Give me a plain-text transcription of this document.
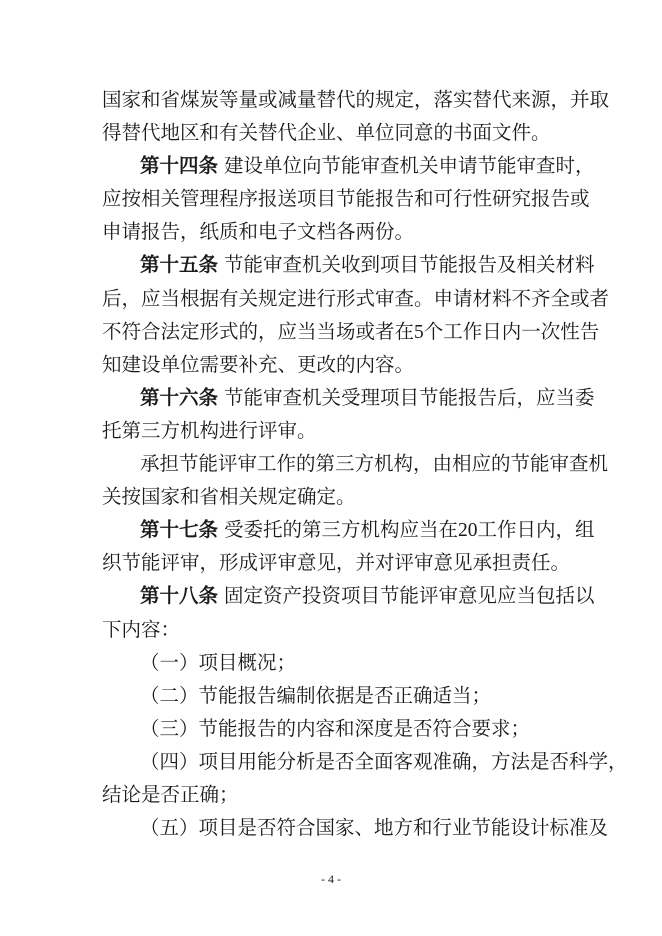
国家和省煤炭等量或减量替代的规定，落实替代来源，并取
得替代地区和有关替代企业、单位同意的书面文件。
第十四条 建设单位向节能审查机关申请节能审查时，
应按相关管理程序报送项目节能报告和可行性研究报告或
申请报告，纸质和电子文档各两份。
第十五条 节能审查机关收到项目节能报告及相关材料
后，应当根据有关规定进行形式审查。申请材料不齐全或者
不符合法定形式的，应当当场或者在5个工作日内一次性告
知建设单位需要补充、更改的内容。
第十六条 节能审查机关受理项目节能报告后，应当委
托第三方机构进行评审。
承担节能评审工作的第三方机构，由相应的节能审查机
关按国家和省相关规定确定。
第十七条 受委托的第三方机构应当在20工作日内，组
织节能评审，形成评审意见，并对评审意见承担责任。
第十八条 固定资产投资项目节能评审意见应当包括以
下内容：
（一）项目概况；
（二）节能报告编制依据是否正确适当；
（三）节能报告的内容和深度是否符合要求；
（四）项目用能分析是否全面客观准确，方法是否科学，
结论是否正确；
（五）项目是否符合国家、地方和行业节能设计标准及
- 4 -
